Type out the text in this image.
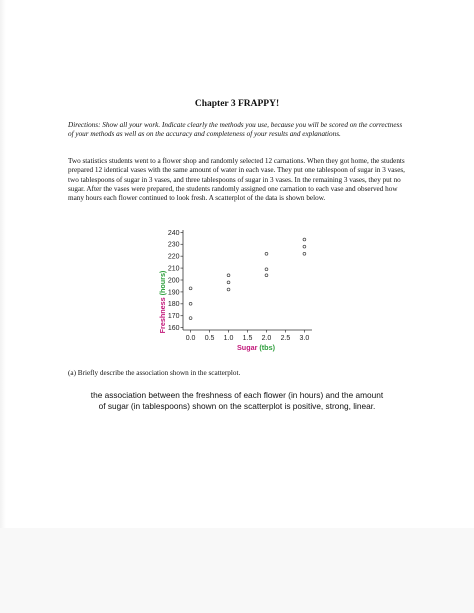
Chapter 3 FRAPPY!
Directions: Show all your work. Indicate clearly the methods you use, because you will be scored on the correctness of your methods as well as on the accuracy and completeness of your results and explanations.
Two statistics students went to a flower shop and randomly selected 12 carnations. When they got home, the students prepared 12 identical vases with the same amount of water in each vase. They put one tablespoon of sugar in 3 vases, two tablespoons of sugar in 3 vases, and three tablespoons of sugar in 3 vases. In the remaining 3 vases, they put no sugar. After the vases were prepared, the students randomly assigned one carnation to each vase and observed how many hours each flower continued to look fresh. A scatterplot of the data is shown below.
160
170
180
190
200
210
220
230
240
0.0 0.5 1.0 1.5 2.0 2.5 3.0
Freshness(hours)
Sugar (tbs)
(a) Briefly describe the association shown in the scatterplot.
the association between the freshness of each flower (in hours) and the amount of sugar (in tablespoons) shown on the scatterplot is positive, strong, linear.
